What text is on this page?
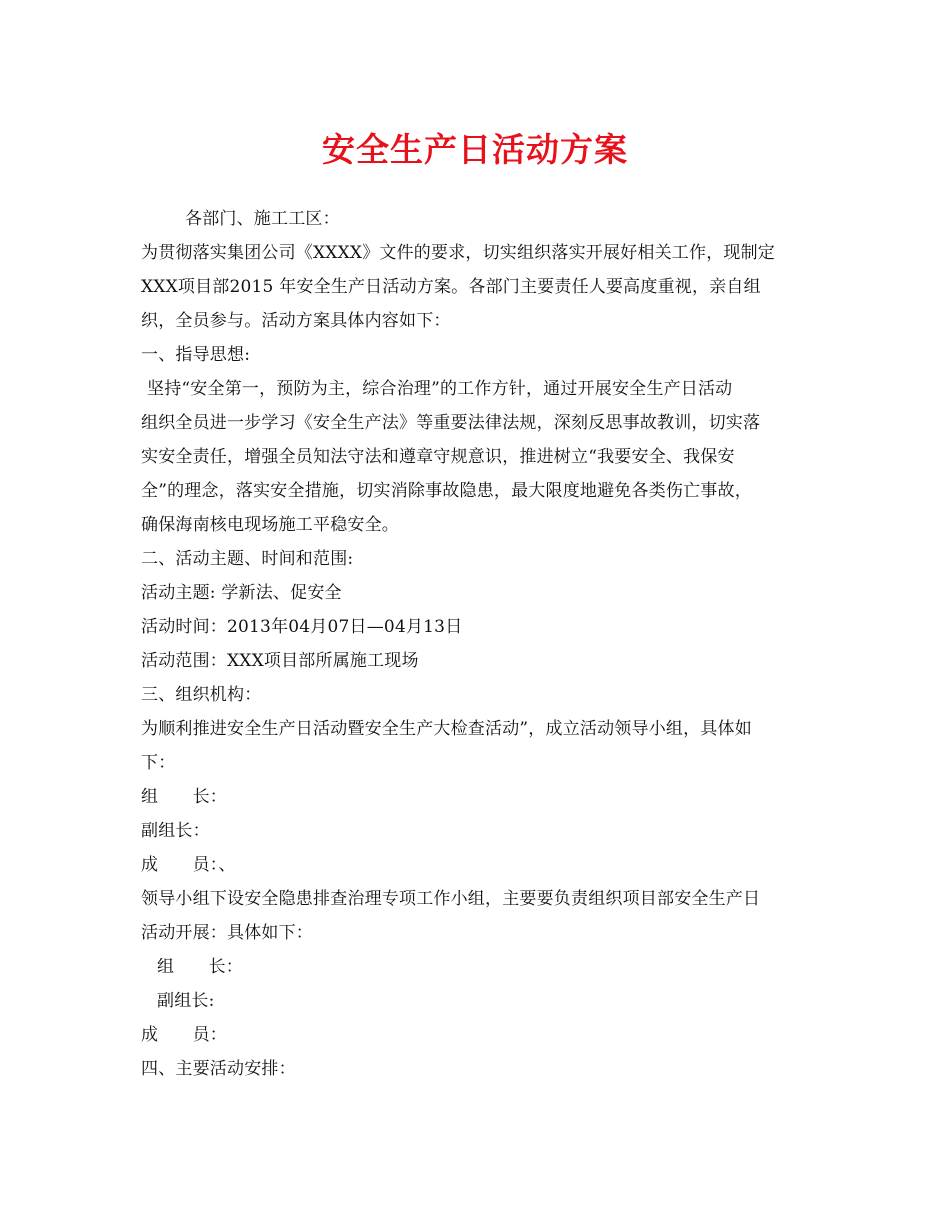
安全生产日活动方案
各部门、施工工区：
为贯彻落实集团公司《XXXX》文件的要求，切实组织落实开展好相关工作，现制定
XXX项目部2015 年安全生产日活动方案。各部门主要责任人要高度重视，亲自组
织，全员参与。活动方案具体内容如下：
一、指导思想:
坚持“安全第一，预防为主，综合治理”的工作方针，通过开展安全生产日活动
组织全员进一步学习《安全生产法》等重要法律法规，深刻反思事故教训，切实落
实安全责任，增强全员知法守法和遵章守规意识，推进树立“我要安全、我保安
全”的理念，落实安全措施，切实消除事故隐患，最大限度地避免各类伤亡事故，
确保海南核电现场施工平稳安全。
二、活动主题、时间和范围:
活动主题: 学新法、促安全
活动时间：2013年04月07日—04月13日
活动范围：XXX项目部所属施工现场
三、组织机构：
为顺利推进安全生产日活动暨安全生产大检查活动”，成立活动领导小组，具体如
下：
组　　长：
副组长：
成　　员：、
领导小组下设安全隐患排查治理专项工作小组，主要要负责组织项目部安全生产日
活动开展：具体如下：
组　　长：
副组长:
成　　员：
四、主要活动安排：
